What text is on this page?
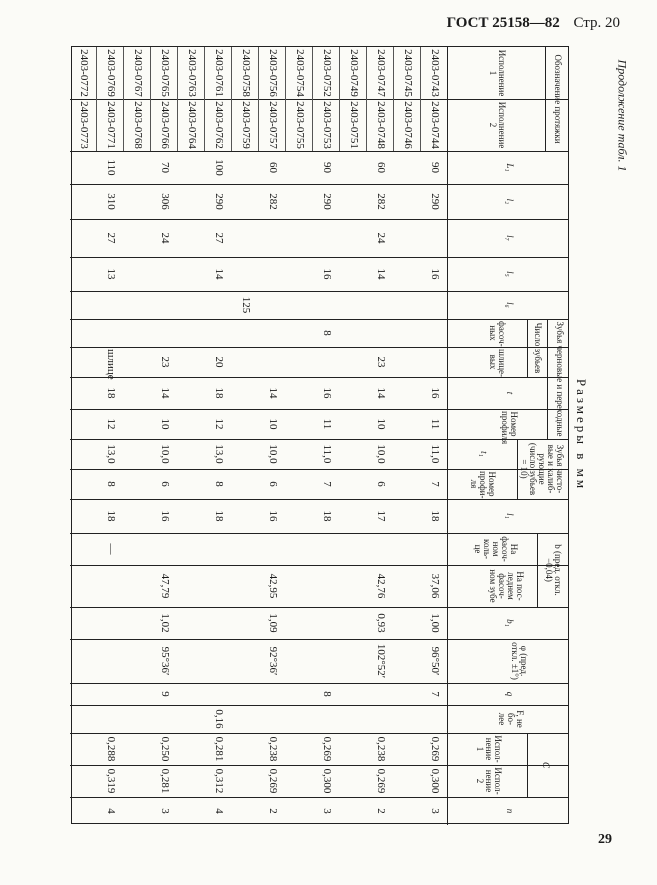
ГОСТ 25158—82 Стр. 20
Продолжение табл. 1
29
Размеры в мм
Обозначение протяжки
Исполнение 1
Исполнение 2
L₁
l₂
l₇
l₅
l₆
l₁
b₁
q
n
Зубья черновые и переходные
Число зубьев
фасоч-ных
шлице-вых
t
Номер профиля
Зубья чисто-вые и калиб-рующие (число зубьев = 10)
t₁
Номер профи-ля
b (пред. откл. −0,04)
На фасоч-ном коль-це
На пос-леднем фасоч-ном зубе
φ (пред. откл. ±1°)
F, не бо-лее
C
Испол-нение 1
Испол-нение 2
2403-0743
2403-0744
90
290
16
16
11
11,0
7
18
37,06
1,00
96°50′
7
0,269
0,300
3
2403-0745
2403-0746
2403-0747
2403-0748
60
282
24
14
23
14
10
10,0
6
17
42,76
0,93
102°52′
0,238
0,269
2
2403-0749
2403-0751
2403-0752
2403-0753
90
290
16
8
16
11
11,0
7
18
8
0,269
0,300
3
2403-0754
2403-0755
2403-0756
2403-0757
60
282
14
10
10,0
6
16
42,95
1,09
92°36′
0,238
0,269
2
2403-0758
2403-0759
2403-0761
2403-0762
100
290
27
14
20
18
12
13,0
8
18
0,16
0,281
0,312
4
2403-0763
2403-0764
2403-0765
2403-0766
70
306
24
23
14
10
10,0
6
16
47,79
1,02
95°36′
9
0,250
0,281
3
2403-0767
2403-0768
2403-0769
2403-0771
110
310
27
13
шлице
18
12
13,0
8
18
—
0,288
0,319
4
2403-0772
2403-0773
125
